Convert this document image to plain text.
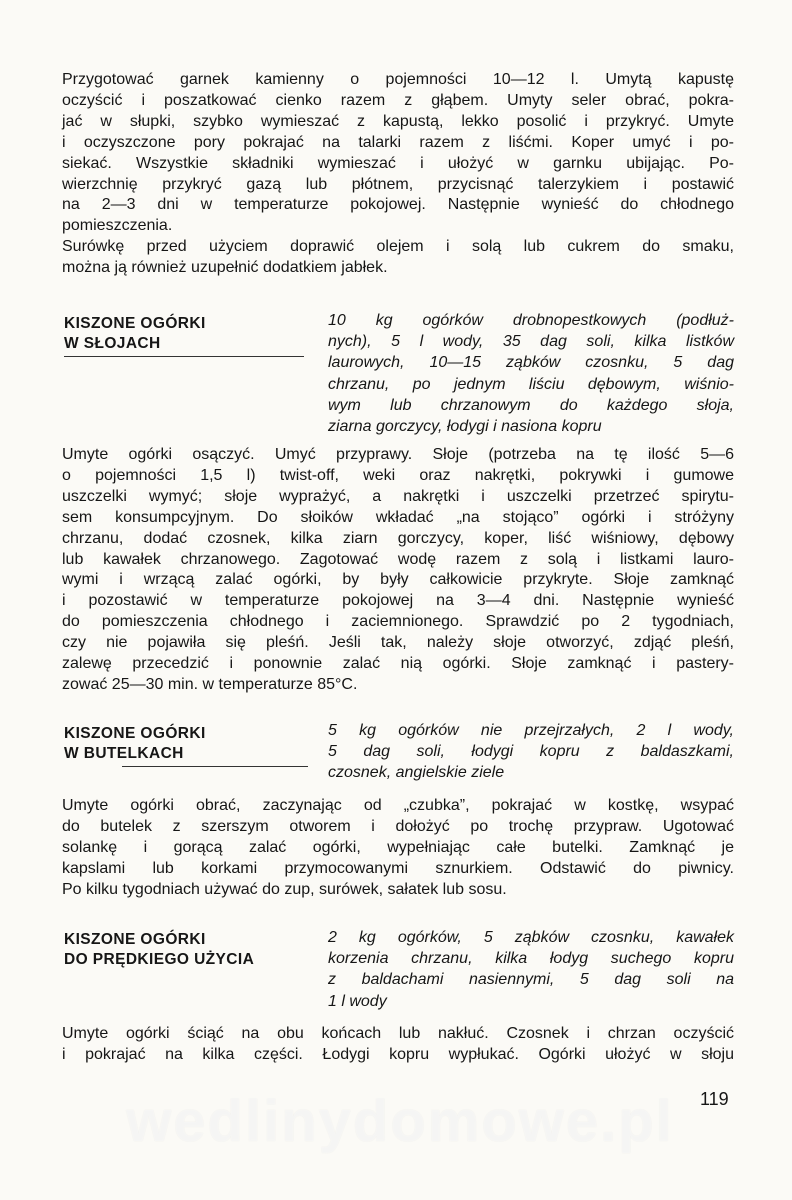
Przygotować garnek kamienny o pojemności 10—12 l. Umytą kapustę
oczyścić i poszatkować cienko razem z głąbem. Umyty seler obrać, pokra-
jać w słupki, szybko wymieszać z kapustą, lekko posolić i przykryć. Umyte
i oczyszczone pory pokrajać na talarki razem z liśćmi. Koper umyć i po-
siekać. Wszystkie składniki wymieszać i ułożyć w garnku ubijając. Po-
wierzchnię przykryć gazą lub płótnem, przycisnąć talerzykiem i postawić
na 2—3 dni w temperaturze pokojowej. Następnie wynieść do chłodnego
pomieszczenia.
Surówkę przed użyciem doprawić olejem i solą lub cukrem do smaku,
można ją również uzupełnić dodatkiem jabłek.
KISZONE OGÓRKI
W SŁOJACH
10 kg ogórków drobnopestkowych (podłuż-
nych), 5 l wody, 35 dag soli, kilka listków
laurowych, 10—15 ząbków czosnku, 5 dag
chrzanu, po jednym liściu dębowym, wiśnio-
wym lub chrzanowym do każdego słoja,
ziarna gorczycy, łodygi i nasiona kopru
Umyte ogórki osączyć. Umyć przyprawy. Słoje (potrzeba na tę ilość 5—6
o pojemności 1,5 l) twist-off, weki oraz nakrętki, pokrywki i gumowe
uszczelki wymyć; słoje wyprażyć, a nakrętki i uszczelki przetrzeć spirytu-
sem konsumpcyjnym. Do słoików wkładać „na stojąco” ogórki i stróżyny
chrzanu, dodać czosnek, kilka ziarn gorczycy, koper, liść wiśniowy, dębowy
lub kawałek chrzanowego. Zagotować wodę razem z solą i listkami lauro-
wymi i wrzącą zalać ogórki, by były całkowicie przykryte. Słoje zamknąć
i pozostawić w temperaturze pokojowej na 3—4 dni. Następnie wynieść
do pomieszczenia chłodnego i zaciemnionego. Sprawdzić po 2 tygodniach,
czy nie pojawiła się pleśń. Jeśli tak, należy słoje otworzyć, zdjąć pleśń,
zalewę przecedzić i ponownie zalać nią ogórki. Słoje zamknąć i pastery-
zować 25—30 min. w temperaturze 85°C.
KISZONE OGÓRKI
W BUTELKACH
5 kg ogórków nie przejrzałych, 2 l wody,
5 dag soli, łodygi kopru z baldaszkami,
czosnek, angielskie ziele
Umyte ogórki obrać, zaczynając od „czubka”, pokrajać w kostkę, wsypać
do butelek z szerszym otworem i dołożyć po trochę przypraw. Ugotować
solankę i gorącą zalać ogórki, wypełniając całe butelki. Zamknąć je
kapslami lub korkami przymocowanymi sznurkiem. Odstawić do piwnicy.
Po kilku tygodniach używać do zup, surówek, sałatek lub sosu.
KISZONE OGÓRKI
DO PRĘDKIEGO UŻYCIA
2 kg ogórków, 5 ząbków czosnku, kawałek
korzenia chrzanu, kilka łodyg suchego kopru
z baldachami nasiennymi, 5 dag soli na
1 l wody
Umyte ogórki ściąć na obu końcach lub nakłuć. Czosnek i chrzan oczyścić
i pokrajać na kilka części. Łodygi kopru wypłukać. Ogórki ułożyć w słoju
wedlinydomowe.pl	119
